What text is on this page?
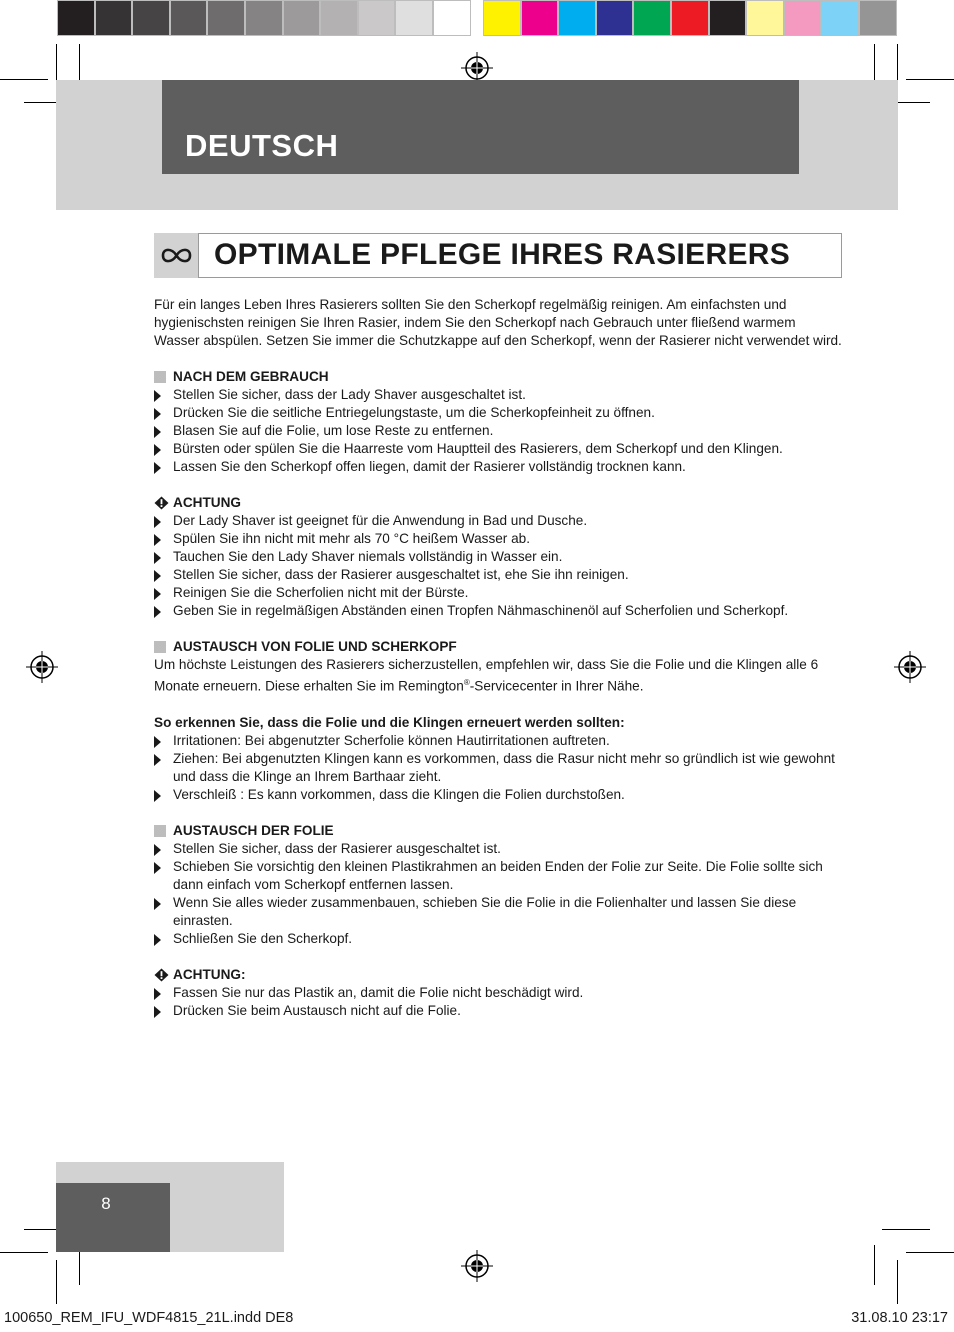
DEUTSCH
OPTIMALE PFLEGE IHRES RASIERERS

Für ein langes Leben Ihres Rasierers sollten Sie den Scherkopf regelmäßig reinigen. Am einfachsten und hygienischsten reinigen Sie Ihren Rasier, indem Sie den Scherkopf nach Gebrauch unter fließend warmem Wasser abspülen. Setzen Sie immer die Schutzkappe auf den Scherkopf, wenn der Rasierer nicht verwendet wird.

NACH DEM GEBRAUCH
Stellen Sie sicher, dass der Lady Shaver ausgeschaltet ist.
Drücken Sie die seitliche Entriegelungstaste, um die Scherkopfeinheit zu öffnen.
Blasen Sie auf die Folie, um lose Reste zu entfernen.
Bürsten oder spülen Sie die Haarreste vom Hauptteil des Rasierers, dem Scherkopf und den Klingen.
Lassen Sie den Scherkopf offen liegen, damit der Rasierer vollständig trocknen kann.
ACHTUNG
Der Lady Shaver ist geeignet für die Anwendung in Bad und Dusche.
Spülen Sie ihn nicht mit mehr als 70 °C heißem Wasser ab.
Tauchen Sie den Lady Shaver niemals vollständig in Wasser ein.
Stellen Sie sicher, dass der Rasierer ausgeschaltet ist, ehe Sie ihn reinigen.
Reinigen Sie die Scherfolien nicht mit der Bürste.
Geben Sie in regelmäßigen Abständen einen Tropfen Nähmaschinenöl auf Scherfolien und Scherkopf.
AUSTAUSCH VON FOLIE UND SCHERKOPF

Um höchste Leistungen des Rasierers sicherzustellen, empfehlen wir, dass Sie die Folie und die Klingen alle 6 Monate erneuern. Diese erhalten Sie im Remington®-Servicecenter in Ihrer Nähe.

So erkennen Sie, dass die Folie und die Klingen erneuert werden sollten:

Irritationen: Bei abgenutzter Scherfolie können Hautirritationen auftreten.
Ziehen: Bei abgenutzten Klingen kann es vorkommen, dass die Rasur nicht mehr so gründlich ist wie gewohnt und dass die Klinge an Ihrem Barthaar zieht.
Verschleiß : Es kann vorkommen, dass die Klingen die Folien durchstoßen.
AUSTAUSCH DER FOLIE
Stellen Sie sicher, dass der Rasierer ausgeschaltet ist.
Schieben Sie vorsichtig den kleinen Plastikrahmen an beiden Enden der Folie zur Seite. Die Folie sollte sich dann einfach vom Scherkopf entfernen lassen.
Wenn Sie alles wieder zusammenbauen, schieben Sie die Folie in die Folienhalter und lassen Sie diese einrasten.
Schließen Sie den Scherkopf.
ACHTUNG:
Fassen Sie nur das Plastik an, damit die Folie nicht beschädigt wird.
Drücken Sie beim Austausch nicht auf die Folie.
8
100650_REM_IFU_WDF4815_21L.indd DE8	31.08.10 23:17
